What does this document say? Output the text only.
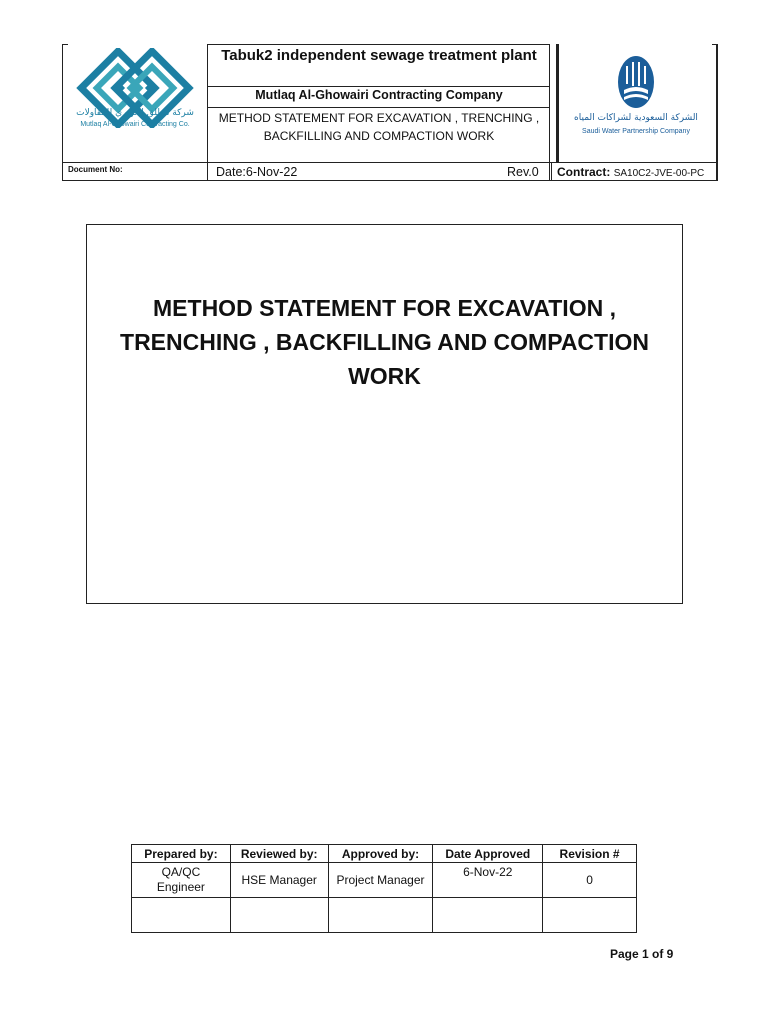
شركة مطلق الغويري للمقاولات
Mutlaq Al-Ghowairi Contracting Co.
Tabuk2 independent sewage treatment plant
Mutlaq Al-Ghowairi Contracting Company
METHOD STATEMENT FOR EXCAVATION , TRENCHING , BACKFILLING AND COMPACTION WORK
الشركة السعودية لشراكات المياه
Saudi Water Partnership Company
Document No:	Date:6-Nov-22	Rev.0 Contract: SA10C2-JVE-00-PC
METHOD STATEMENT FOR EXCAVATION , TRENCHING , BACKFILLING AND COMPACTION WORK
Prepared by:	Reviewed by:	Approved by:	Date Approved	Revision #
QA/QC Engineer	HSE Manager	Project Manager	6-Nov-22	0

Page 1 of 9
